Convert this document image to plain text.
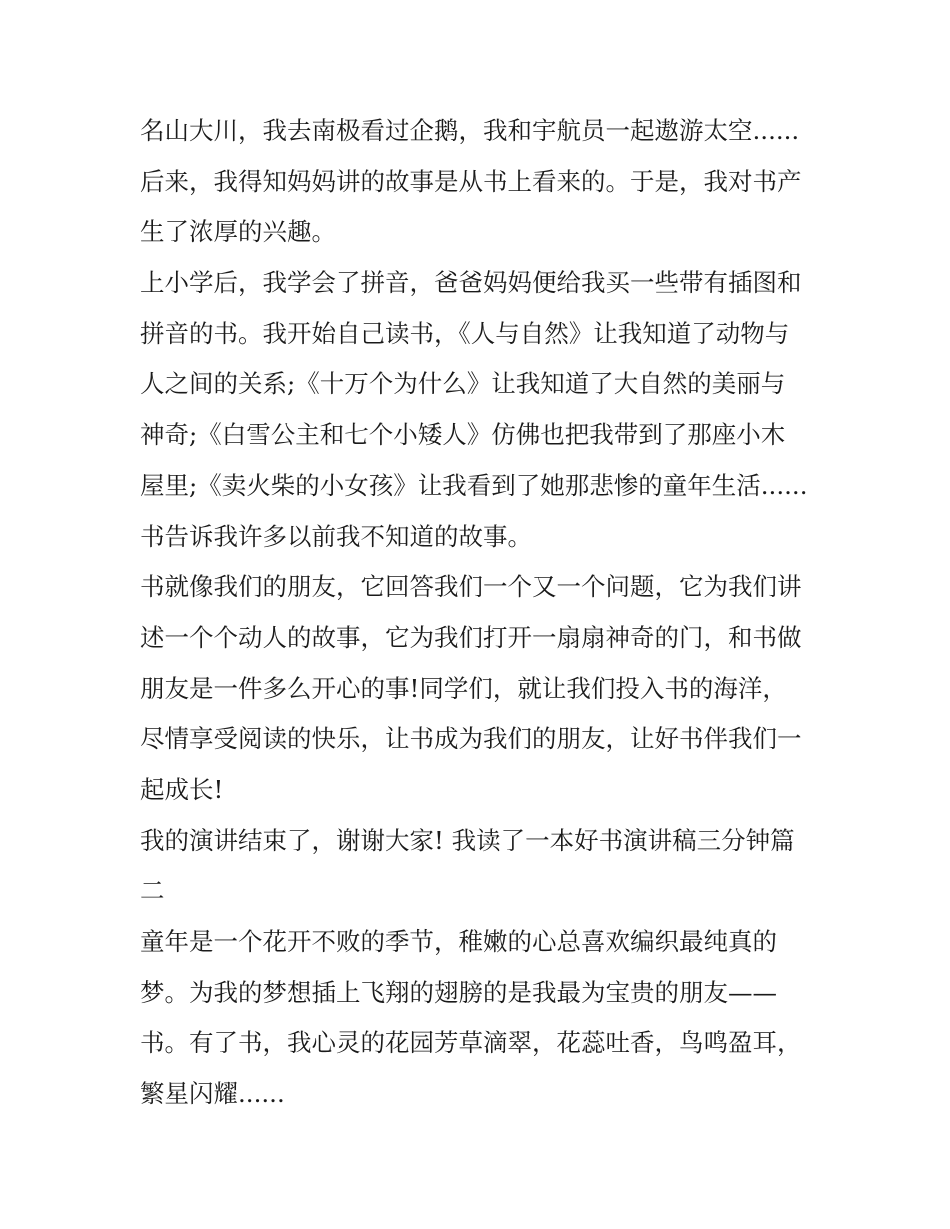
名山大川，我去南极看过企鹅，我和宇航员一起遨游太空......
后来，我得知妈妈讲的故事是从书上看来的。于是，我对书产
生了浓厚的兴趣。
上小学后，我学会了拼音，爸爸妈妈便给我买一些带有插图和
拼音的书。我开始自己读书，《人与自然》让我知道了动物与
人之间的关系;《十万个为什么》让我知道了大自然的美丽与
神奇;《白雪公主和七个小矮人》仿佛也把我带到了那座小木
屋里;《卖火柴的小女孩》让我看到了她那悲惨的童年生活......
书告诉我许多以前我不知道的故事。
书就像我们的朋友，它回答我们一个又一个问题，它为我们讲
述一个个动人的故事，它为我们打开一扇扇神奇的门，和书做
朋友是一件多么开心的事!同学们，就让我们投入书的海洋，
尽情享受阅读的快乐，让书成为我们的朋友，让好书伴我们一
起成长!
我的演讲结束了，谢谢大家! 我读了一本好书演讲稿三分钟篇
二
童年是一个花开不败的季节，稚嫩的心总喜欢编织最纯真的
梦。为我的梦想插上飞翔的翅膀的是我最为宝贵的朋友——
书。有了书，我心灵的花园芳草滴翠，花蕊吐香，鸟鸣盈耳，
繁星闪耀......
